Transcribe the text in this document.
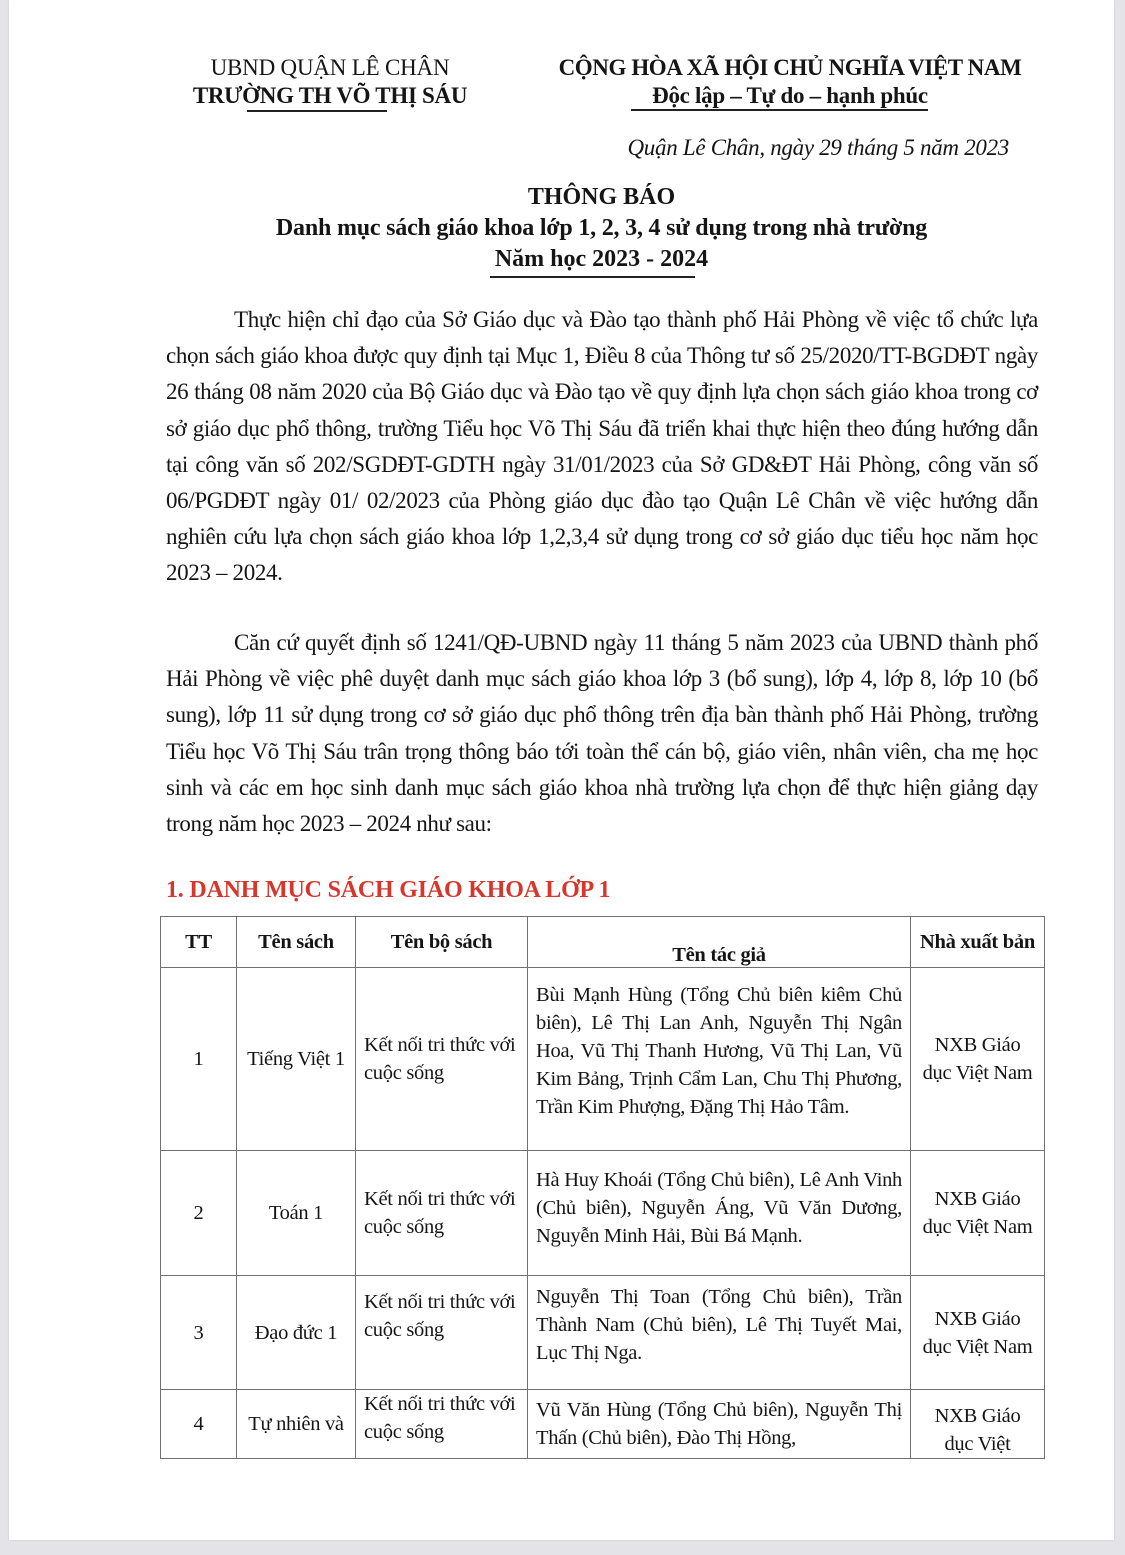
UBND QUẬN LÊ CHÂN
TRƯỜNG TH VÕ THỊ SÁU
CỘNG HÒA XÃ HỘI CHỦ NGHĨA VIỆT NAM
Độc lập – Tự do – hạnh phúc
Quận Lê Chân, ngày 29 tháng 5 năm 2023
THÔNG BÁO
Danh mục sách giáo khoa lớp 1, 2, 3, 4 sử dụng trong nhà trường
Năm học 2023 - 2024
Thực hiện chỉ đạo của Sở Giáo dục và Đào tạo thành phố Hải Phòng về việc tổ chức lựa chọn sách giáo khoa được quy định tại Mục 1, Điều 8 của Thông tư số 25/2020/TT-BGDĐT ngày 26 tháng 08 năm 2020 của Bộ Giáo dục và Đào tạo về quy định lựa chọn sách giáo khoa trong cơ sở giáo dục phổ thông, trường Tiểu học Võ Thị Sáu đã triển khai thực hiện theo đúng hướng dẫn tại công văn số 202/SGDĐT-GDTH ngày 31/01/2023 của Sở GD&ĐT Hải Phòng, công văn số 06/PGDĐT ngày 01/ 02/2023 của Phòng giáo dục đào tạo Quận Lê Chân về việc hướng dẫn nghiên cứu lựa chọn sách giáo khoa lớp 1,2,3,4 sử dụng trong cơ sở giáo dục tiểu học năm học 2023 – 2024.
Căn cứ quyết định số 1241/QĐ-UBND ngày 11 tháng 5 năm 2023 của UBND thành phố Hải Phòng về việc phê duyệt danh mục sách giáo khoa lớp 3 (bổ sung), lớp 4, lớp 8, lớp 10 (bổ sung), lớp 11 sử dụng trong cơ sở giáo dục phổ thông trên địa bàn thành phố Hải Phòng, trường Tiểu học Võ Thị Sáu trân trọng thông báo tới toàn thể cán bộ, giáo viên, nhân viên, cha mẹ học sinh và các em học sinh danh mục sách giáo khoa nhà trường lựa chọn để thực hiện giảng dạy trong năm học 2023 – 2024 như sau:
1. DANH MỤC SÁCH GIÁO KHOA LỚP 1
TT	Tên sách	Tên bộ sách	Tên tác giả	Nhà xuất bản
1	Tiếng Việt 1	Kết nối tri thức với cuộc sống	Bùi Mạnh Hùng (Tổng Chủ biên kiêm Chủ biên), Lê Thị Lan Anh, Nguyễn Thị Ngân Hoa, Vũ Thị Thanh Hương, Vũ Thị Lan, Vũ Kim Bảng, Trịnh Cẩm Lan, Chu Thị Phương, Trần Kim Phượng, Đặng Thị Hảo Tâm.	NXB Giáo dục Việt Nam
2	Toán 1	Kết nối tri thức với cuộc sống	Hà Huy Khoái (Tổng Chủ biên), Lê Anh Vinh (Chủ biên), Nguyễn Áng, Vũ Văn Dương, Nguyễn Minh Hải, Bùi Bá Mạnh.	NXB Giáo dục Việt Nam
3	Đạo đức 1	Kết nối tri thức với cuộc sống	Nguyễn Thị Toan (Tổng Chủ biên), Trần Thành Nam (Chủ biên), Lê Thị Tuyết Mai, Lục Thị Nga.	NXB Giáo dục Việt Nam
4	Tự nhiên và	Kết nối tri thức với cuộc sống	Vũ Văn Hùng (Tổng Chủ biên), Nguyễn Thị Thấn (Chủ biên), Đào Thị Hồng,	NXB Giáo dục Việt
